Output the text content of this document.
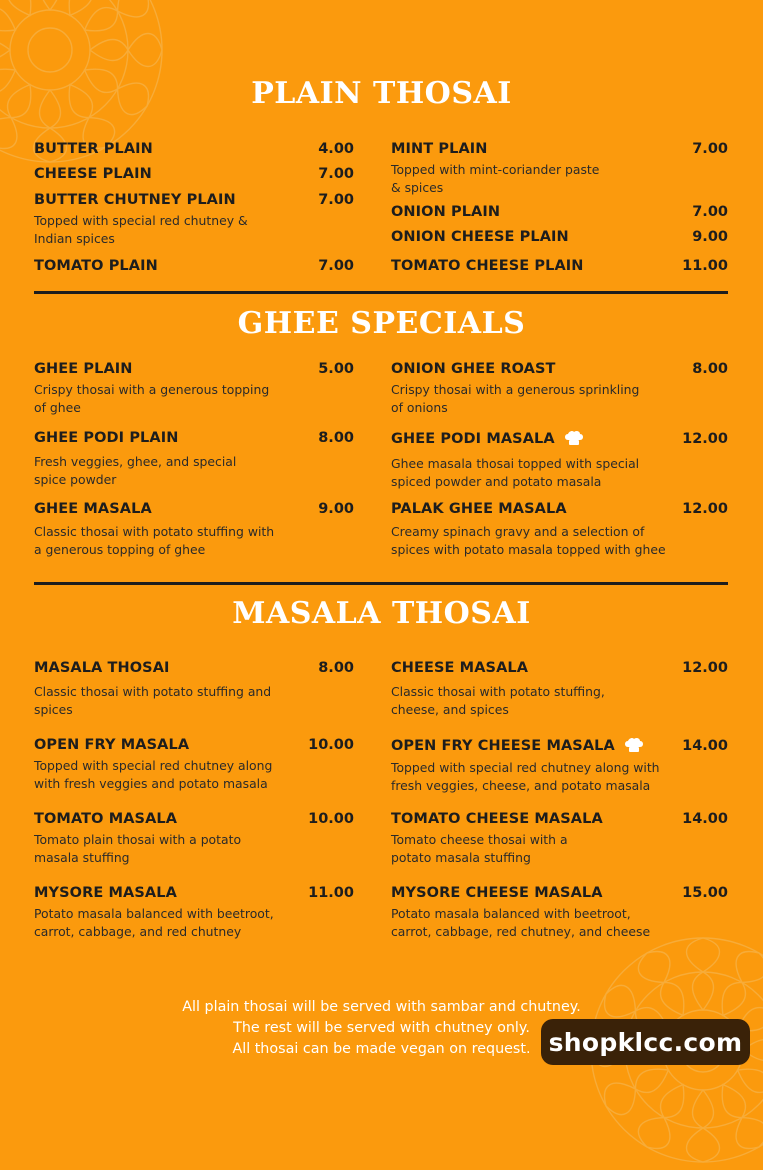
PLAIN THOSAI
BUTTER PLAIN	4.00
CHEESE PLAIN	7.00
BUTTER CHUTNEY PLAIN	7.00
Topped with special red chutney &
Indian spices
TOMATO PLAIN	7.00
MINT PLAIN	7.00
Topped with mint-coriander paste
& spices
ONION PLAIN	7.00
ONION CHEESE PLAIN	9.00
TOMATO CHEESE PLAIN	11.00
GHEE SPECIALS
GHEE PLAIN	5.00
Crispy thosai with a generous topping
of ghee
GHEE PODI PLAIN	8.00
Fresh veggies, ghee, and special
spice powder
GHEE MASALA	9.00
Classic thosai with potato stuffing with
a generous topping of ghee
ONION GHEE ROAST	8.00
Crispy thosai with a generous sprinkling
of onions
GHEE PODI MASALA	12.00
Ghee masala thosai topped with special
spiced powder and potato masala
PALAK GHEE MASALA	12.00
Creamy spinach gravy and a selection of
spices with potato masala topped with ghee
MASALA THOSAI
MASALA THOSAI	8.00
Classic thosai with potato stuffing and
spices
OPEN FRY MASALA	10.00
Topped with special red chutney along
with fresh veggies and potato masala
TOMATO MASALA	10.00
Tomato plain thosai with a potato
masala stuffing
MYSORE MASALA	11.00
Potato masala balanced with beetroot,
carrot, cabbage, and red chutney
CHEESE MASALA	12.00
Classic thosai with potato stuffing,
cheese, and spices
OPEN FRY CHEESE MASALA	14.00
Topped with special red chutney along with
fresh veggies, cheese, and potato masala
TOMATO CHEESE MASALA	14.00
Tomato cheese thosai with a
potato masala stuffing
MYSORE CHEESE MASALA	15.00
Potato masala balanced with beetroot,
carrot, cabbage, red chutney, and cheese
All plain thosai will be served with sambar and chutney.
The rest will be served with chutney only.
All thosai can be made vegan on request. shopklcc.com
